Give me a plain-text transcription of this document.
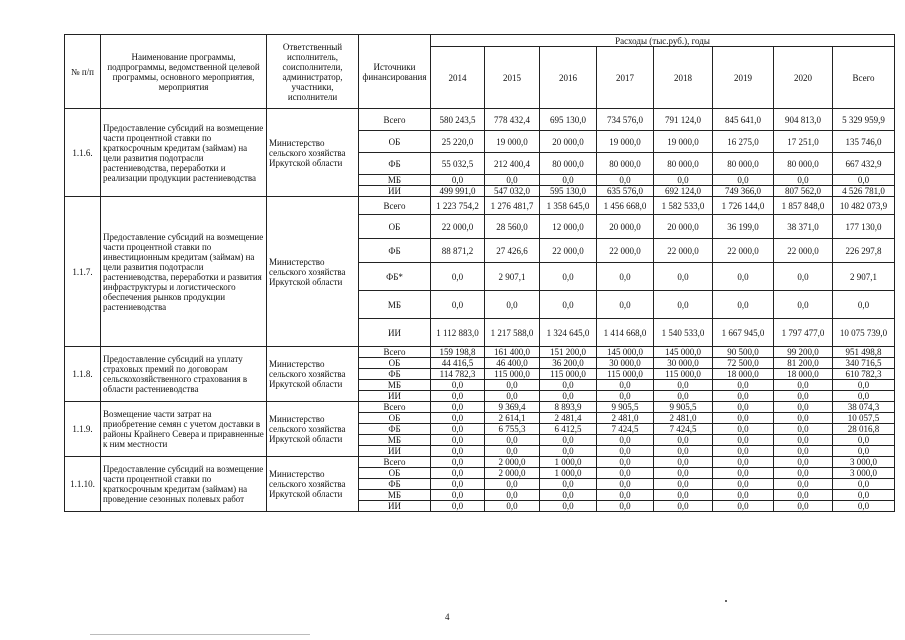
№ п/п	Наименование программы, подпрограммы, ведомственной целевой программы, основного мероприятия, мероприятия	Ответственный исполнитель, соисполнители, администратор, участники, исполнители	Источники финансирования	Расходы (тыс.руб.), годы							
				2014	2015	2016	2017	2018	2019	2020	Всего
1.1.6.	Предоставление субсидий на возмещение части процентной ставки по краткосрочным кредитам (займам) на цели развития подотрасли растениеводства, переработки и реализации продукции растениеводства	Министерство сельского хозяйства Иркутской области	Всего	580 243,5	778 432,4	695 130,0	734 576,0	791 124,0	845 641,0	904 813,0	5 329 959,9
			ОБ	25 220,0	19 000,0	20 000,0	19 000,0	19 000,0	16 275,0	17 251,0	135 746,0
			ФБ	55 032,5	212 400,4	80 000,0	80 000,0	80 000,0	80 000,0	80 000,0	667 432,9
			МБ	0,0	0,0	0,0	0,0	0,0	0,0	0,0	0,0
			ИИ	499 991,0	547 032,0	595 130,0	635 576,0	692 124,0	749 366,0	807 562,0	4 526 781,0
1.1.7.	Предоставление субсидий на возмещение части процентной ставки по инвестиционным кредитам (займам) на цели развития подотрасли растениеводства, переработки и развития инфраструктуры и логистического обеспечения рынков продукции растениеводства	Министерство сельского хозяйства Иркутской области	Всего	1 223 754,2	1 276 481,7	1 358 645,0	1 456 668,0	1 582 533,0	1 726 144,0	1 857 848,0	10 482 073,9
			ОБ	22 000,0	28 560,0	12 000,0	20 000,0	20 000,0	36 199,0	38 371,0	177 130,0
			ФБ	88 871,2	27 426,6	22 000,0	22 000,0	22 000,0	22 000,0	22 000,0	226 297,8
			ФБ*	0,0	2 907,1	0,0	0,0	0,0	0,0	0,0	2 907,1
			МБ	0,0	0,0	0,0	0,0	0,0	0,0	0,0	0,0
			ИИ	1 112 883,0	1 217 588,0	1 324 645,0	1 414 668,0	1 540 533,0	1 667 945,0	1 797 477,0	10 075 739,0
1.1.8.	Предоставление субсидий на уплату страховых премий по договорам сельскохозяйственного страхования в области растениеводства	Министерство сельского хозяйства Иркутской области	Всего	159 198,8	161 400,0	151 200,0	145 000,0	145 000,0	90 500,0	99 200,0	951 498,8
			ОБ	44 416,5	46 400,0	36 200,0	30 000,0	30 000,0	72 500,0	81 200,0	340 716,5
			ФБ	114 782,3	115 000,0	115 000,0	115 000,0	115 000,0	18 000,0	18 000,0	610 782,3
			МБ	0,0	0,0	0,0	0,0	0,0	0,0	0,0	0,0
			ИИ	0,0	0,0	0,0	0,0	0,0	0,0	0,0	0,0
1.1.9.	Возмещение части затрат на приобретение семян с учетом доставки в районы Крайнего Севера и приравненные к ним местности	Министерство сельского хозяйства Иркутской области	Всего	0,0	9 369,4	8 893,9	9 905,5	9 905,5	0,0	0,0	38 074,3
			ОБ	0,0	2 614,1	2 481,4	2 481,0	2 481,0	0,0	0,0	10 057,5
			ФБ	0,0	6 755,3	6 412,5	7 424,5	7 424,5	0,0	0,0	28 016,8
			МБ	0,0	0,0	0,0	0,0	0,0	0,0	0,0	0,0
			ИИ	0,0	0,0	0,0	0,0	0,0	0,0	0,0	0,0
1.1.10.	Предоставление субсидий на возмещение части процентной ставки по краткосрочным кредитам (займам) на проведение сезонных полевых работ	Министерство сельского хозяйства Иркутской области	Всего	0,0	2 000,0	1 000,0	0,0	0,0	0,0	0,0	3 000,0
			ОБ	0,0	2 000,0	1 000,0	0,0	0,0	0,0	0,0	3 000,0
			ФБ	0,0	0,0	0,0	0,0	0,0	0,0	0,0	0,0
			МБ	0,0	0,0	0,0	0,0	0,0	0,0	0,0	0,0
			ИИ	0,0	0,0	0,0	0,0	0,0	0,0	0,0	0,0
4
